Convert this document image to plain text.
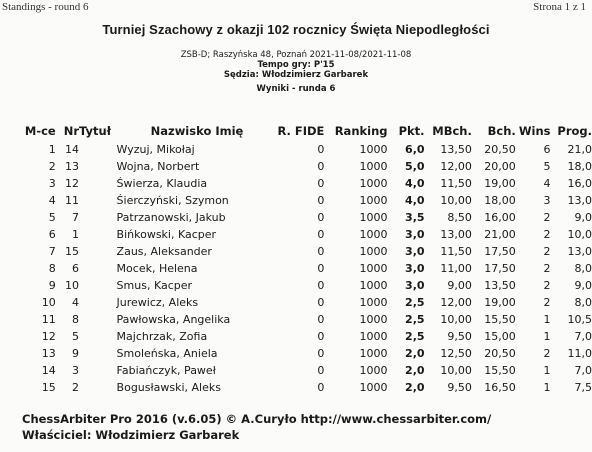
Standings - round 6	Strona 1 z 1
Turniej Szachowy z okazji 102 rocznicy Święta Niepodległości
ZSB-D; Raszyńska 48, Poznań 2021-11-08/2021-11-08
Tempo gry: P'15
Sędzia: Włodzimierz Garbarek
Wyniki - runda 6
M-ce	Nr	Tytuł	Nazwisko Imię	R. FIDE	Ranking	Pkt.	MBch.	Bch.	Wins	Prog.
1	14		Wyzuj, Mikołaj	0	1000	6,0	13,50	20,50	6	21,0
2	13		Wojna, Norbert	0	1000	5,0	12,00	20,00	5	18,0
3	12		Świerza, Klaudia	0	1000	4,0	11,50	19,00	4	16,0
4	11		Śierczyński, Szymon	0	1000	4,0	10,00	18,00	3	13,0
5	7		Patrzanowski, Jakub	0	1000	3,5	8,50	16,00	2	9,0
6	1		Bińkowski, Kacper	0	1000	3,0	13,00	21,00	2	10,0
7	15		Zaus, Aleksander	0	1000	3,0	11,50	17,50	2	13,0
8	6		Mocek, Helena	0	1000	3,0	11,00	17,50	2	8,0
9	10		Smus, Kacper	0	1000	3,0	9,00	13,50	2	9,0
10	4		Jurewicz, Aleks	0	1000	2,5	12,00	19,00	2	8,0
11	8		Pawłowska, Angelika	0	1000	2,5	10,00	15,50	1	10,5
12	5		Majchrzak, Zofia	0	1000	2,5	9,50	15,00	1	7,0
13	9		Smoleńska, Aniela	0	1000	2,0	12,50	20,50	2	11,0
14	3		Fabiańczyk, Paweł	0	1000	2,0	10,00	15,50	1	7,0
15	2		Bogusławski, Aleks	0	1000	2,0	9,50	16,50	1	7,5
ChessArbiter Pro 2016 (v.6.05) © A.Curyło http://www.chessarbiter.com/
Właściciel: Włodzimierz Garbarek
